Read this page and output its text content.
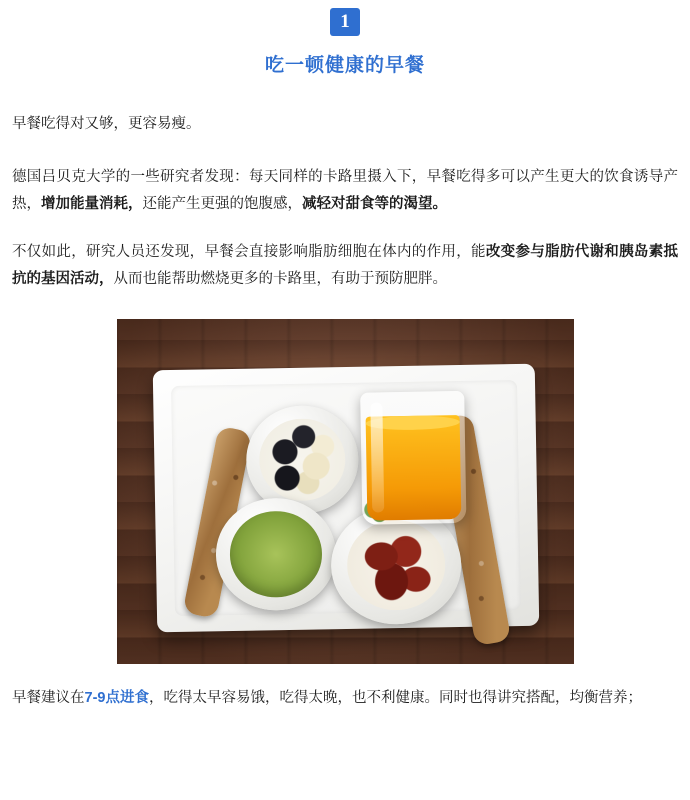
1
吃一顿健康的早餐

早餐吃得对又够，更容易瘦。

德国吕贝克大学的一些研究者发现：每天同样的卡路里摄入下，早餐吃得多可以产生更大的饮食诱导产热，增加能量消耗，还能产生更强的饱腹感，减轻对甜食等的渴望。

不仅如此，研究人员还发现，早餐会直接影响脂肪细胞在体内的作用，能改变参与脂肪代谢和胰岛素抵抗的基因活动，从而也能帮助燃烧更多的卡路里，有助于预防肥胖。

早餐建议在7-9点进食，吃得太早容易饿，吃得太晚，也不利健康。同时也得讲究搭配，均衡营养；
